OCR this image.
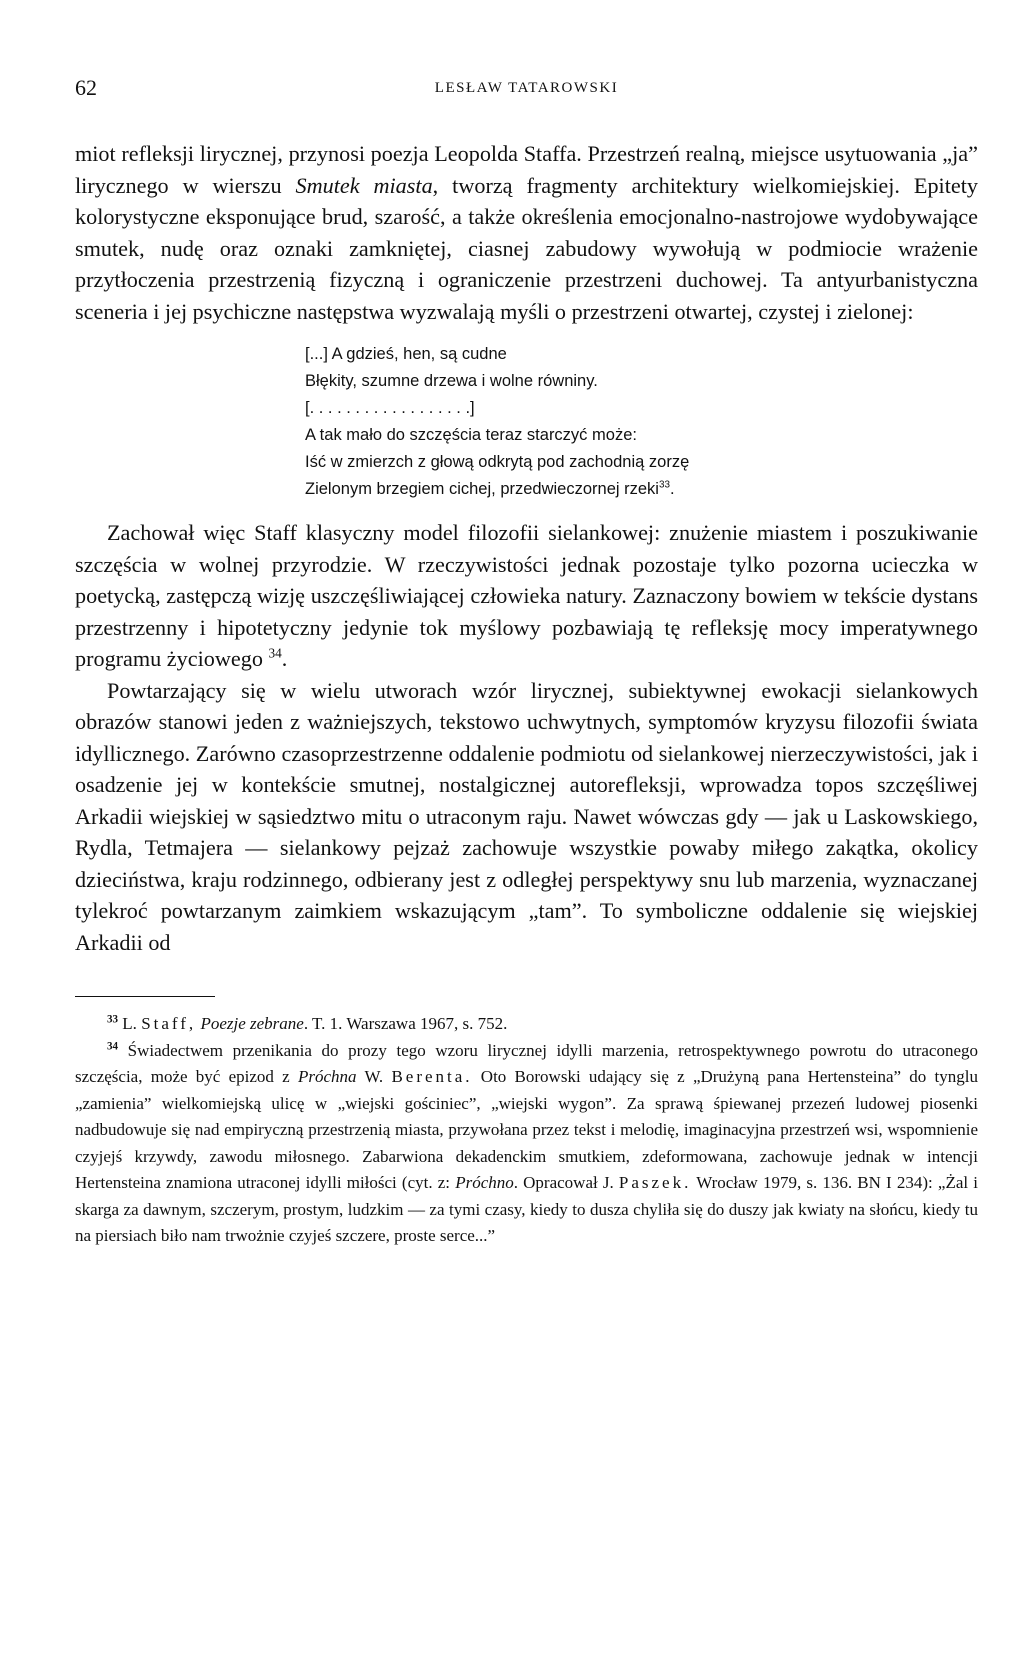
62	LESŁAW TATAROWSKI

miot refleksji lirycznej, przynosi poezja Leopolda Staffa. Przestrzeń realną, miejsce usytuowania „ja” lirycznego w wierszu Smutek miasta, tworzą fragmenty architektury wielkomiejskiej. Epitety kolorystyczne eksponujące brud, szarość, a także określenia emocjonalno-nastrojowe wydobywające smutek, nudę oraz oznaki zamkniętej, ciasnej zabudowy wywołują w podmiocie wrażenie przytłoczenia przestrzenią fizyczną i ograniczenie przestrzeni duchowej. Ta antyurbanistyczna sceneria i jej psychiczne następstwa wyzwalają myśli o przestrzeni otwartej, czystej i zielonej:

[...] A gdzieś, hen, są cudne
Błękity, szumne drzewa i wolne równiny.
[. . . . . . . . . . . . . . . . . .]
A tak mało do szczęścia teraz starczyć może:
Iść w zmierzch z głową odkrytą pod zachodnią zorzę
Zielonym brzegiem cichej, przedwieczornej rzeki$^{33}$.

Zachował więc Staff klasyczny model filozofii sielankowej: znużenie miastem i poszukiwanie szczęścia w wolnej przyrodzie. W rzeczywistości jednak pozostaje tylko pozorna ucieczka w poetycką, zastępczą wizję uszczęśliwiającej człowieka natury. Zaznaczony bowiem w tekście dystans przestrzenny i hipotetyczny jedynie tok myślowy pozbawiają tę refleksję mocy imperatywnego programu życiowego $^{34}$.

Powtarzający się w wielu utworach wzór lirycznej, subiektywnej ewokacji sielankowych obrazów stanowi jeden z ważniejszych, tekstowo uchwytnych, symptomów kryzysu filozofii świata idyllicznego. Zarówno czasoprzestrzenne oddalenie podmiotu od sielankowej nierzeczywistości, jak i osadzenie jej w kontekście smutnej, nostalgicznej autorefleksji, wprowadza topos szczęśliwej Arkadii wiejskiej w sąsiedztwo mitu o utraconym raju. Nawet wówczas gdy — jak u Laskowskiego, Rydla, Tetmajera — sielankowy pejzaż zachowuje wszystkie powaby miłego zakątka, okolicy dzieciństwa, kraju rodzinnego, odbierany jest z odległej perspektywy snu lub marzenia, wyznaczanej tylekroć powtarzanym zaimkiem wskazującym „tam”. To symboliczne oddalenie się wiejskiej Arkadii od

$^{33}$ L. Staff, Poezje zebrane. T. 1. Warszawa 1967, s. 752.

$^{34}$ Świadectwem przenikania do prozy tego wzoru lirycznej idylli marzenia, retrospektywnego powrotu do utraconego szczęścia, może być epizod z Próchna W. Berenta. Oto Borowski udający się z „Drużyną pana Hertensteina” do tynglu „zamienia” wielkomiejską ulicę w „wiejski gościniec”, „wiejski wygon”. Za sprawą śpiewanej przezeń ludowej piosenki nadbudowuje się nad empiryczną przestrzenią miasta, przywołana przez tekst i melodię, imaginacyjna przestrzeń wsi, wspomnienie czyjejś krzywdy, zawodu miłosnego. Zabarwiona dekadenckim smutkiem, zdeformowana, zachowuje jednak w intencji Hertensteina znamiona utraconej idylli miłości (cyt. z: Próchno. Opracował J. Paszek. Wrocław 1979, s. 136. BN I 234): „Żal i skarga za dawnym, szczerym, prostym, ludzkim — za tymi czasy, kiedy to dusza chyliła się do duszy jak kwiaty na słońcu, kiedy tu na piersiach biło nam trwożnie czyjeś szczere, proste serce...”
